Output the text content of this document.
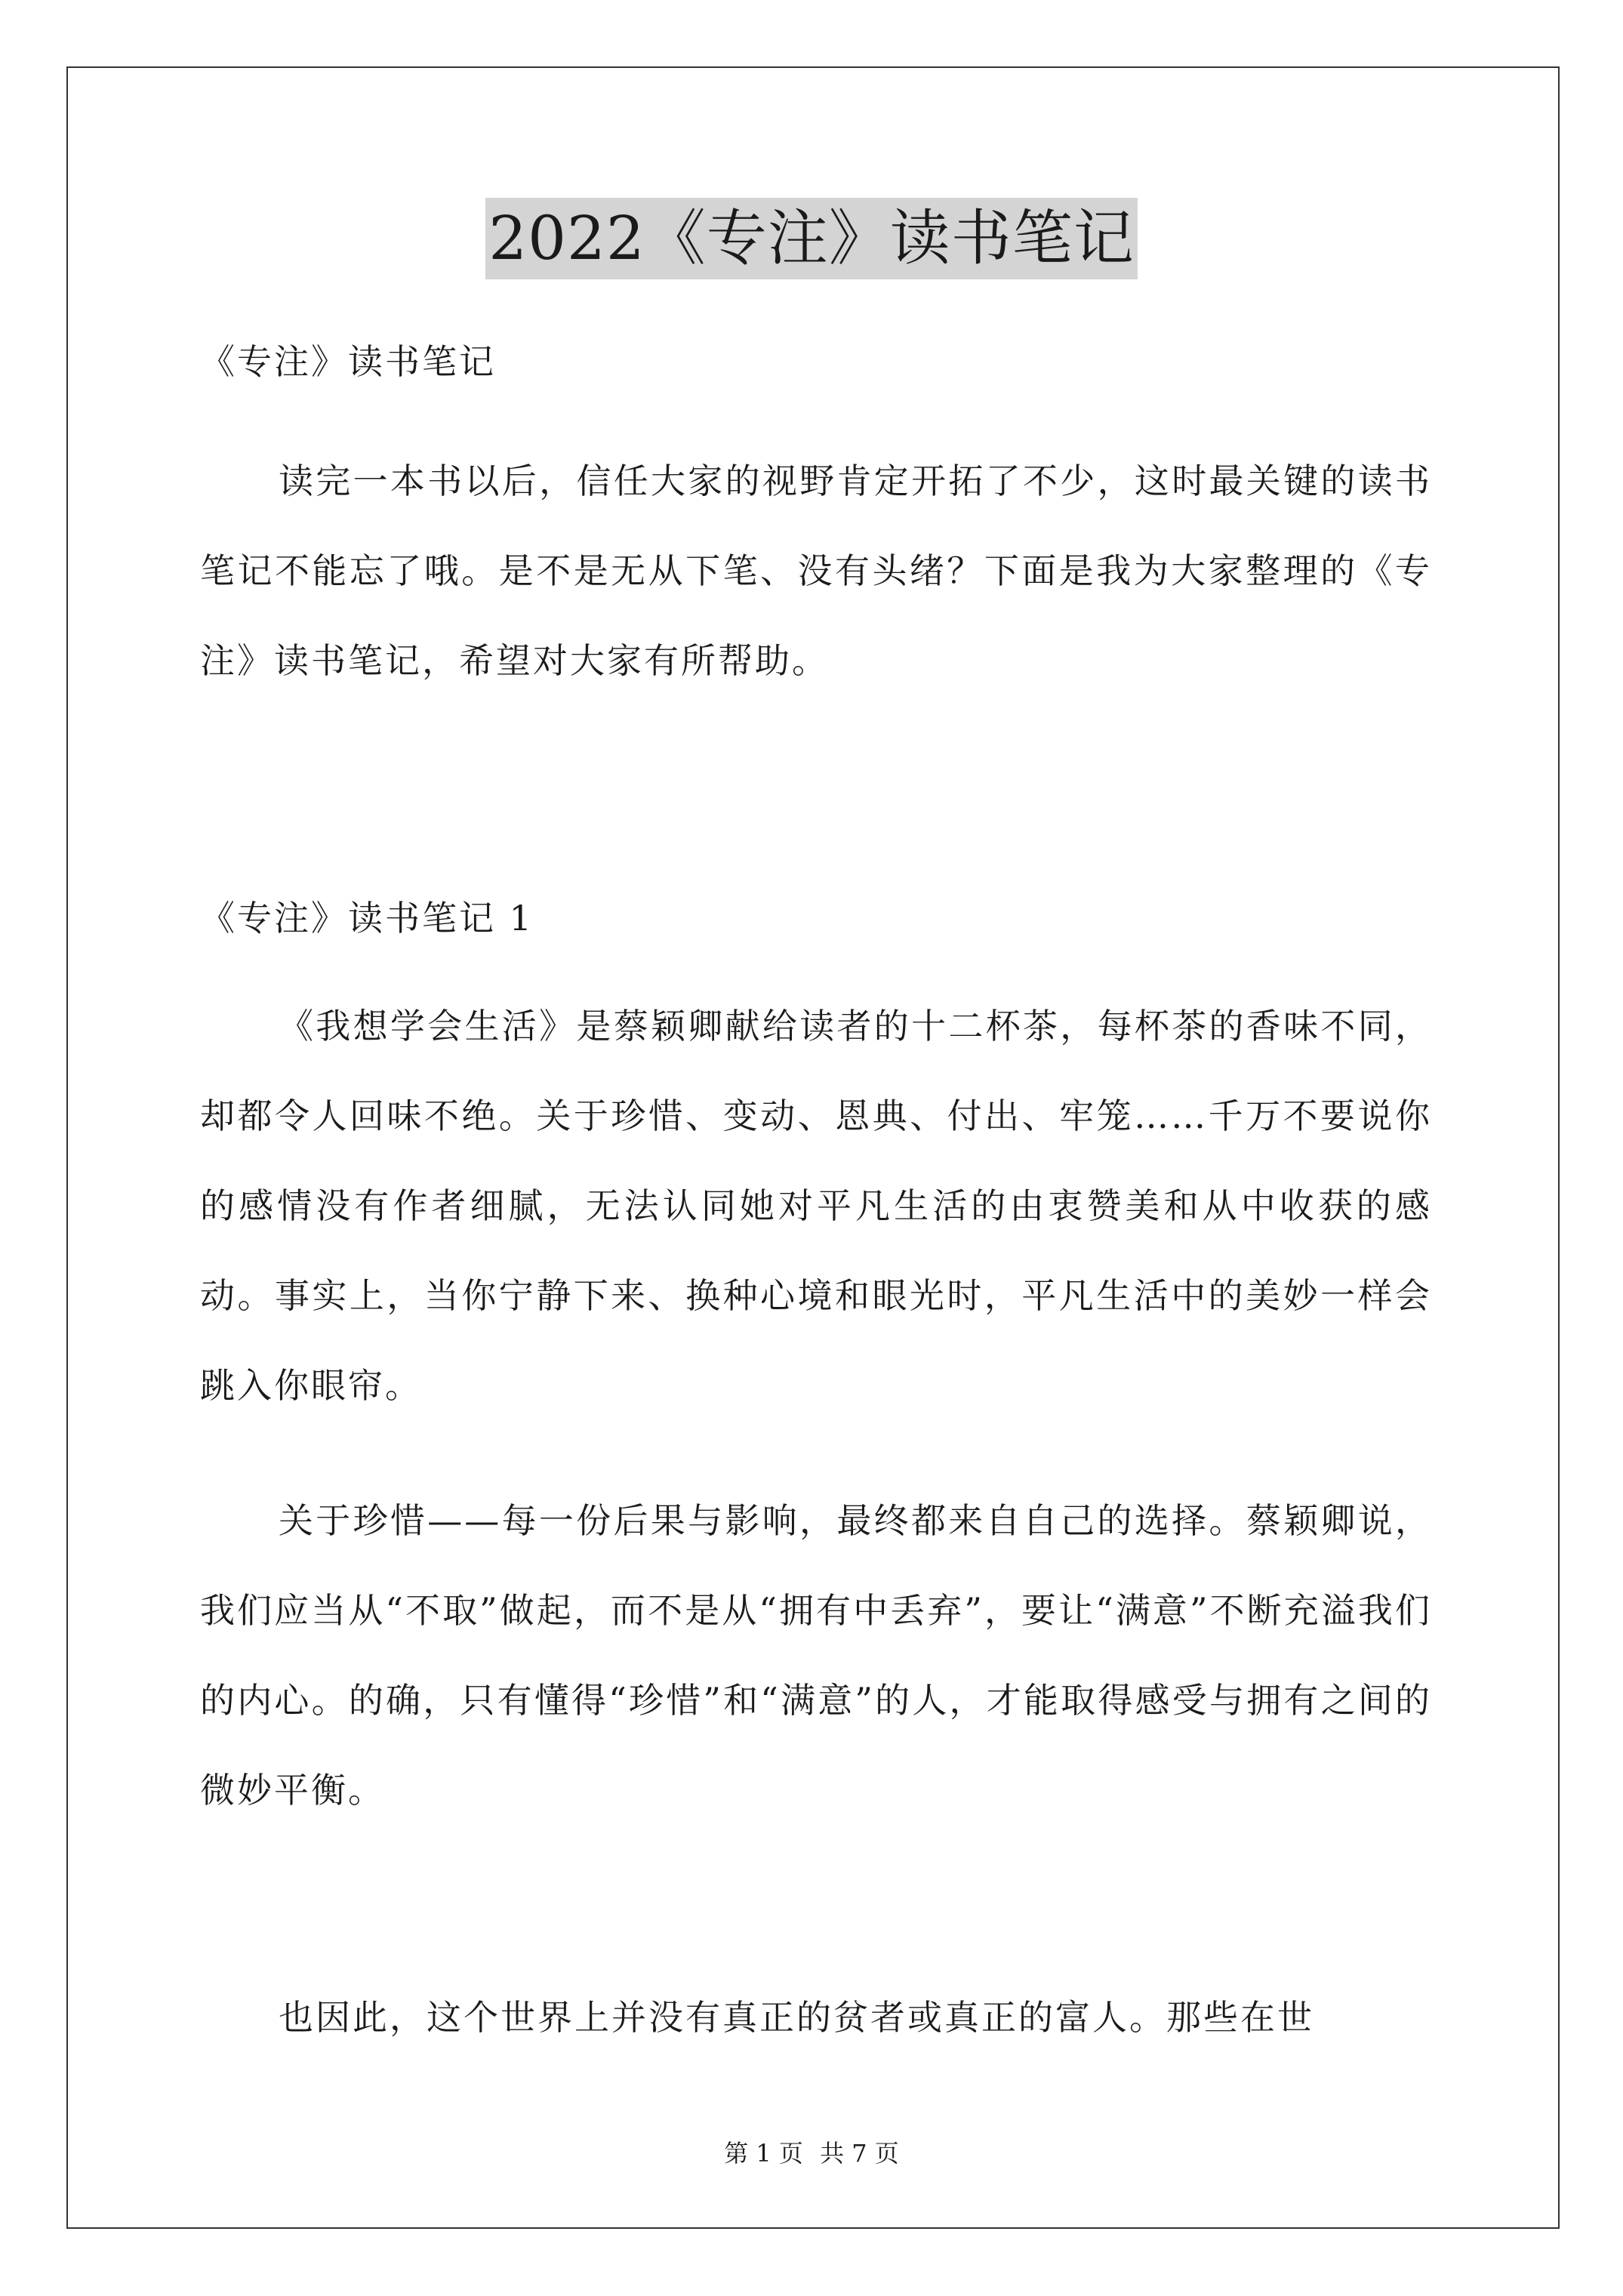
2022《专注》读书笔记

《专注》读书笔记

读完一本书以后，信任大家的视野肯定开拓了不少，这时最关键的读书笔记不能忘了哦。是不是无从下笔、没有头绪？下面是我为大家整理的《专注》读书笔记，希望对大家有所帮助。

《专注》读书笔记 1

《我想学会生活》是蔡颖卿献给读者的十二杯茶，每杯茶的香味不同，却都令人回味不绝。关于珍惜、变动、恩典、付出、牢笼……千万不要说你的感情没有作者细腻，无法认同她对平凡生活的由衷赞美和从中收获的感动。事实上，当你宁静下来、换种心境和眼光时，平凡生活中的美妙一样会跳入你眼帘。

关于珍惜——每一份后果与影响，最终都来自自己的选择。蔡颖卿说，我们应当从“不取”做起，而不是从“拥有中丢弃”，要让“满意”不断充溢我们的内心。的确，只有懂得“珍惜”和“满意”的人，才能取得感受与拥有之间的微妙平衡。

也因此，这个世界上并没有真正的贫者或真正的富人。那些在世

第 1 页 共 7 页
